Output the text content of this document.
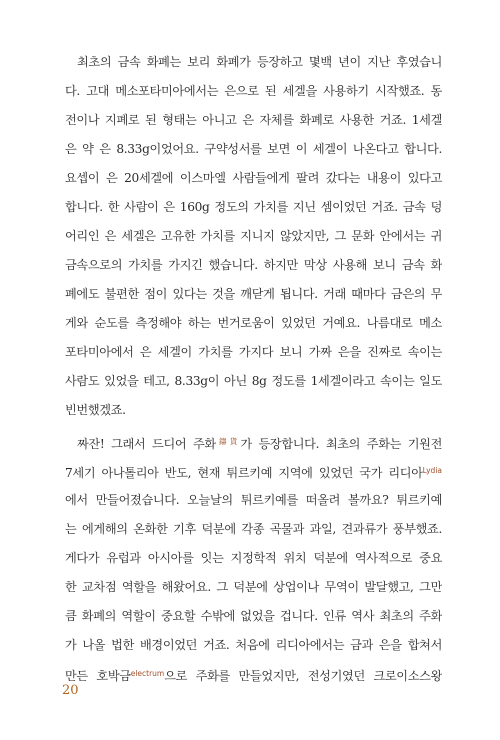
최초의 금속 화폐는 보리 화폐가 등장하고 몇백 년이 지난 후였습니
다. 고대 메소포타미아에서는 은으로 된 세겔을 사용하기 시작했죠. 동
전이나 지폐로 된 형태는 아니고 은 자체를 화폐로 사용한 거죠. 1세겔
은 약 은 8.33g이었어요. 구약성서를 보면 이 세겔이 나온다고 합니다.
요셉이 은 20세겔에 이스마엘 사람들에게 팔려 갔다는 내용이 있다고
합니다. 한 사람이 은 160g 정도의 가치를 지닌 셈이었던 거죠. 금속 덩
어리인 은 세겔은 고유한 가치를 지니지 않았지만, 그 문화 안에서는 귀
금속으로의 가치를 가지긴 했습니다. 하지만 막상 사용해 보니 금속 화
폐에도 불편한 점이 있다는 것을 깨닫게 됩니다. 거래 때마다 금은의 무
게와 순도를 측정해야 하는 번거로움이 있었던 거예요. 나름대로 메소
포타미아에서 은 세겔이 가치를 가지다 보니 가짜 은을 진짜로 속이는
사람도 있었을 테고, 8.33g이 아닌 8g 정도를 1세겔이라고 속이는 일도
빈번했겠죠.
짜잔! 그래서 드디어 주화$^{鑄貨}$가 등장합니다. 최초의 주화는 기원전
7세기 아나톨리아 반도, 현재 튀르키예 지역에 있었던 국가 리디아$^{Lydia}$
에서 만들어졌습니다. 오늘날의 튀르키예를 떠올려 볼까요? 튀르키예
는 에게해의 온화한 기후 덕분에 각종 곡물과 과일, 견과류가 풍부했죠.
게다가 유럽과 아시아를 잇는 지정학적 위치 덕분에 역사적으로 중요
한 교차점 역할을 해왔어요. 그 덕분에 상업이나 무역이 발달했고, 그만
큼 화폐의 역할이 중요할 수밖에 없었을 겁니다. 인류 역사 최초의 주화
가 나올 법한 배경이었던 거죠. 처음에 리디아에서는 금과 은을 합쳐서
만든 호박금$^{electrum}$으로 주화를 만들었지만, 전성기였던 크로이소스왕
20
